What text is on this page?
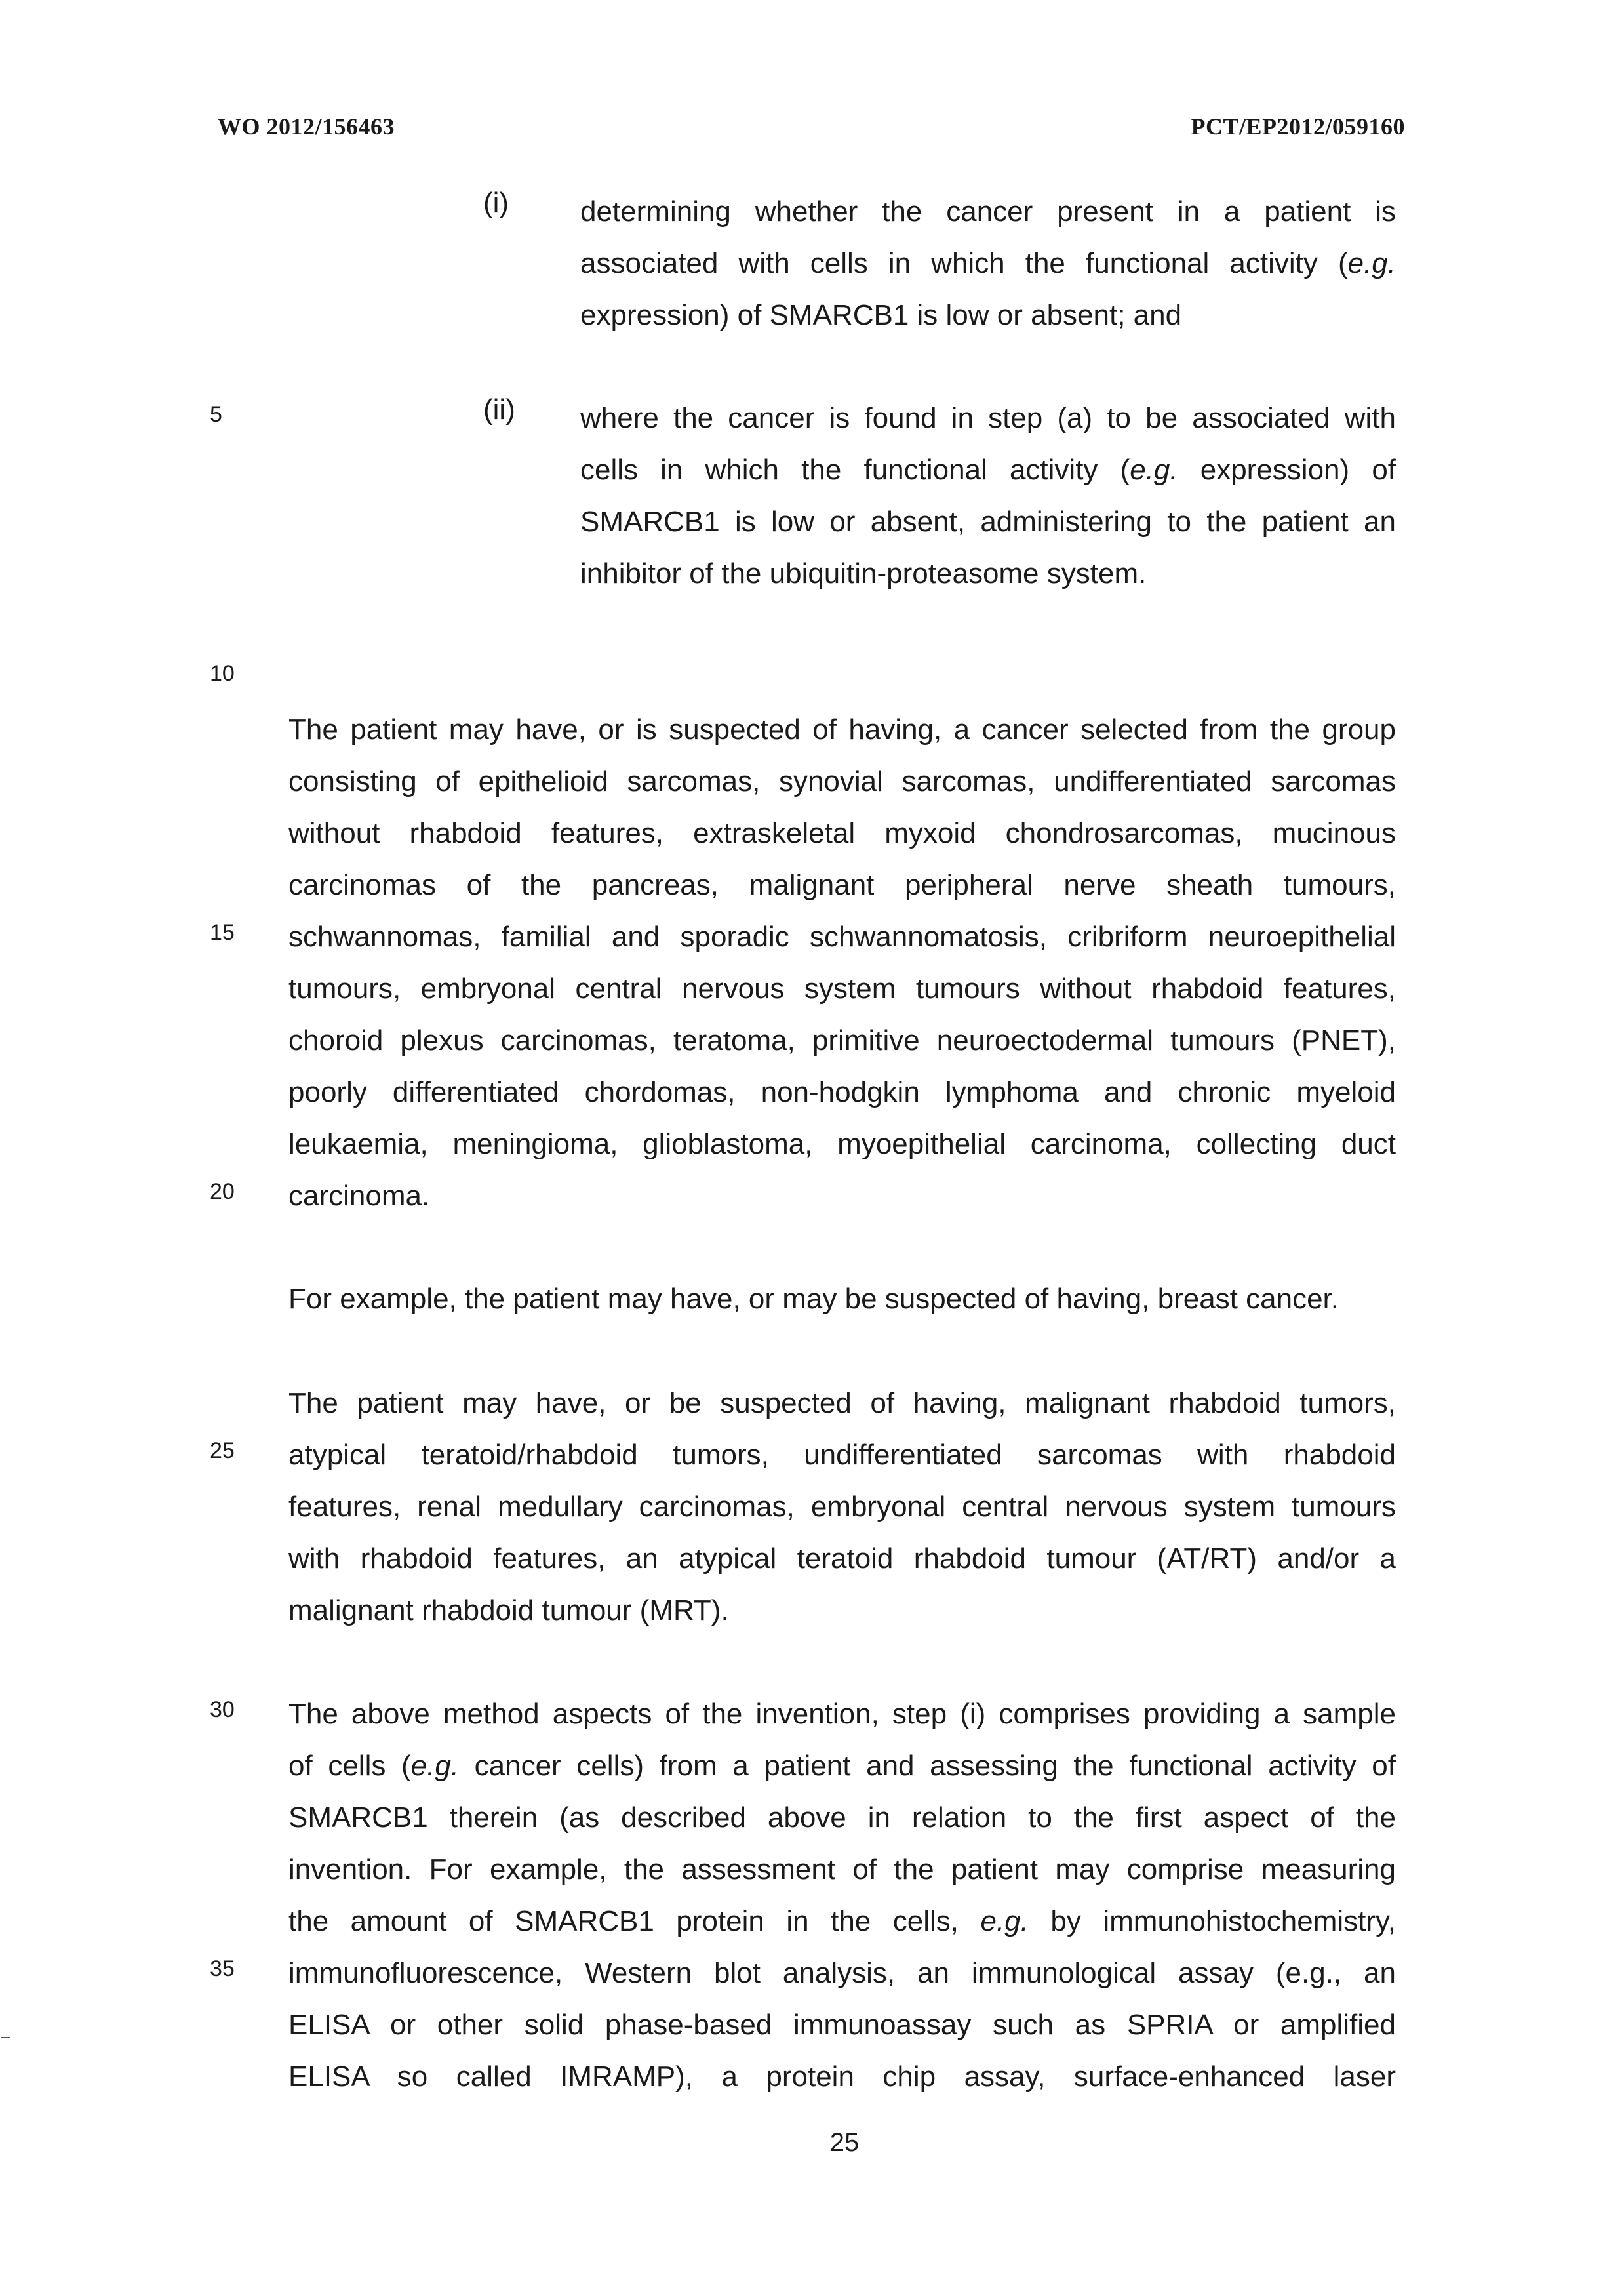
WO 2012/156463	PCT/EP2012/059160
5
10
15
20
25
30
35
(i) determining whether the cancer present in a patient is
associated with cells in which the functional activity (e.g.
expression) of SMARCB1 is low or absent; and
(ii) where the cancer is found in step (a) to be associated with
cells in which the functional activity (e.g. expression) of
SMARCB1 is low or absent, administering to the patient an
inhibitor of the ubiquitin-proteasome system.
The patient may have, or is suspected of having, a cancer selected from the group
consisting of epithelioid sarcomas, synovial sarcomas, undifferentiated sarcomas
without rhabdoid features, extraskeletal myxoid chondrosarcomas, mucinous
carcinomas of the pancreas, malignant peripheral nerve sheath tumours,
schwannomas, familial and sporadic schwannomatosis, cribriform neuroepithelial
tumours, embryonal central nervous system tumours without rhabdoid features,
choroid plexus carcinomas, teratoma, primitive neuroectodermal tumours (PNET),
poorly differentiated chordomas, non-hodgkin lymphoma and chronic myeloid
leukaemia, meningioma, glioblastoma, myoepithelial carcinoma, collecting duct
carcinoma.
For example, the patient may have, or may be suspected of having, breast cancer.
The patient may have, or be suspected of having, malignant rhabdoid tumors,
atypical teratoid/rhabdoid tumors, undifferentiated sarcomas with rhabdoid
features, renal medullary carcinomas, embryonal central nervous system tumours
with rhabdoid features, an atypical teratoid rhabdoid tumour (AT/RT) and/or a
malignant rhabdoid tumour (MRT).
The above method aspects of the invention, step (i) comprises providing a sample
of cells (e.g. cancer cells) from a patient and assessing the functional activity of
SMARCB1 therein (as described above in relation to the first aspect of the
invention. For example, the assessment of the patient may comprise measuring
the amount of SMARCB1 protein in the cells, e.g. by immunohistochemistry,
immunofluorescence, Western blot analysis, an immunological assay (e.g., an
ELISA or other solid phase-based immunoassay such as SPRIA or amplified
ELISA so called IMRAMP), a protein chip assay, surface-enhanced laser
25
